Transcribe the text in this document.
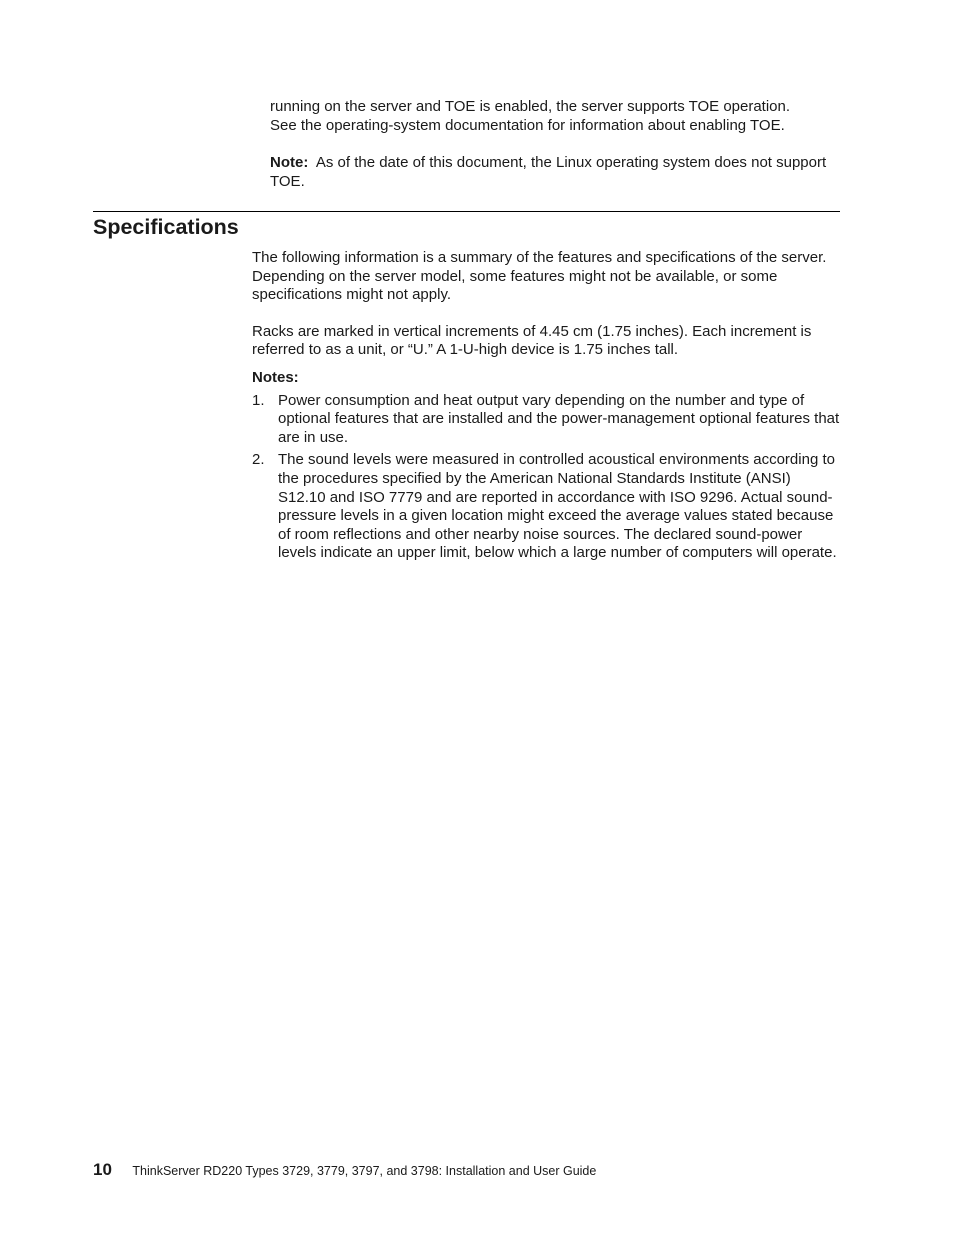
running on the server and TOE is enabled, the server supports TOE operation.
See the operating-system documentation for information about enabling TOE.

Note: As of the date of this document, the Linux operating system does not support TOE.

Specifications

The following information is a summary of the features and specifications of the server. Depending on the server model, some features might not be available, or some specifications might not apply.

Racks are marked in vertical increments of 4.45 cm (1.75 inches). Each increment is referred to as a unit, or “U.” A 1-U-high device is 1.75 inches tall.

Notes:

1. Power consumption and heat output vary depending on the number and type of optional features that are installed and the power-management optional features that are in use.
2. The sound levels were measured in controlled acoustical environments according to the procedures specified by the American National Standards Institute (ANSI) S12.10 and ISO 7779 and are reported in accordance with ISO 9296. Actual sound-pressure levels in a given location might exceed the average values stated because of room reflections and other nearby noise sources. The declared sound-power levels indicate an upper limit, below which a large number of computers will operate.
10 ThinkServer RD220 Types 3729, 3779, 3797, and 3798: Installation and User Guide
